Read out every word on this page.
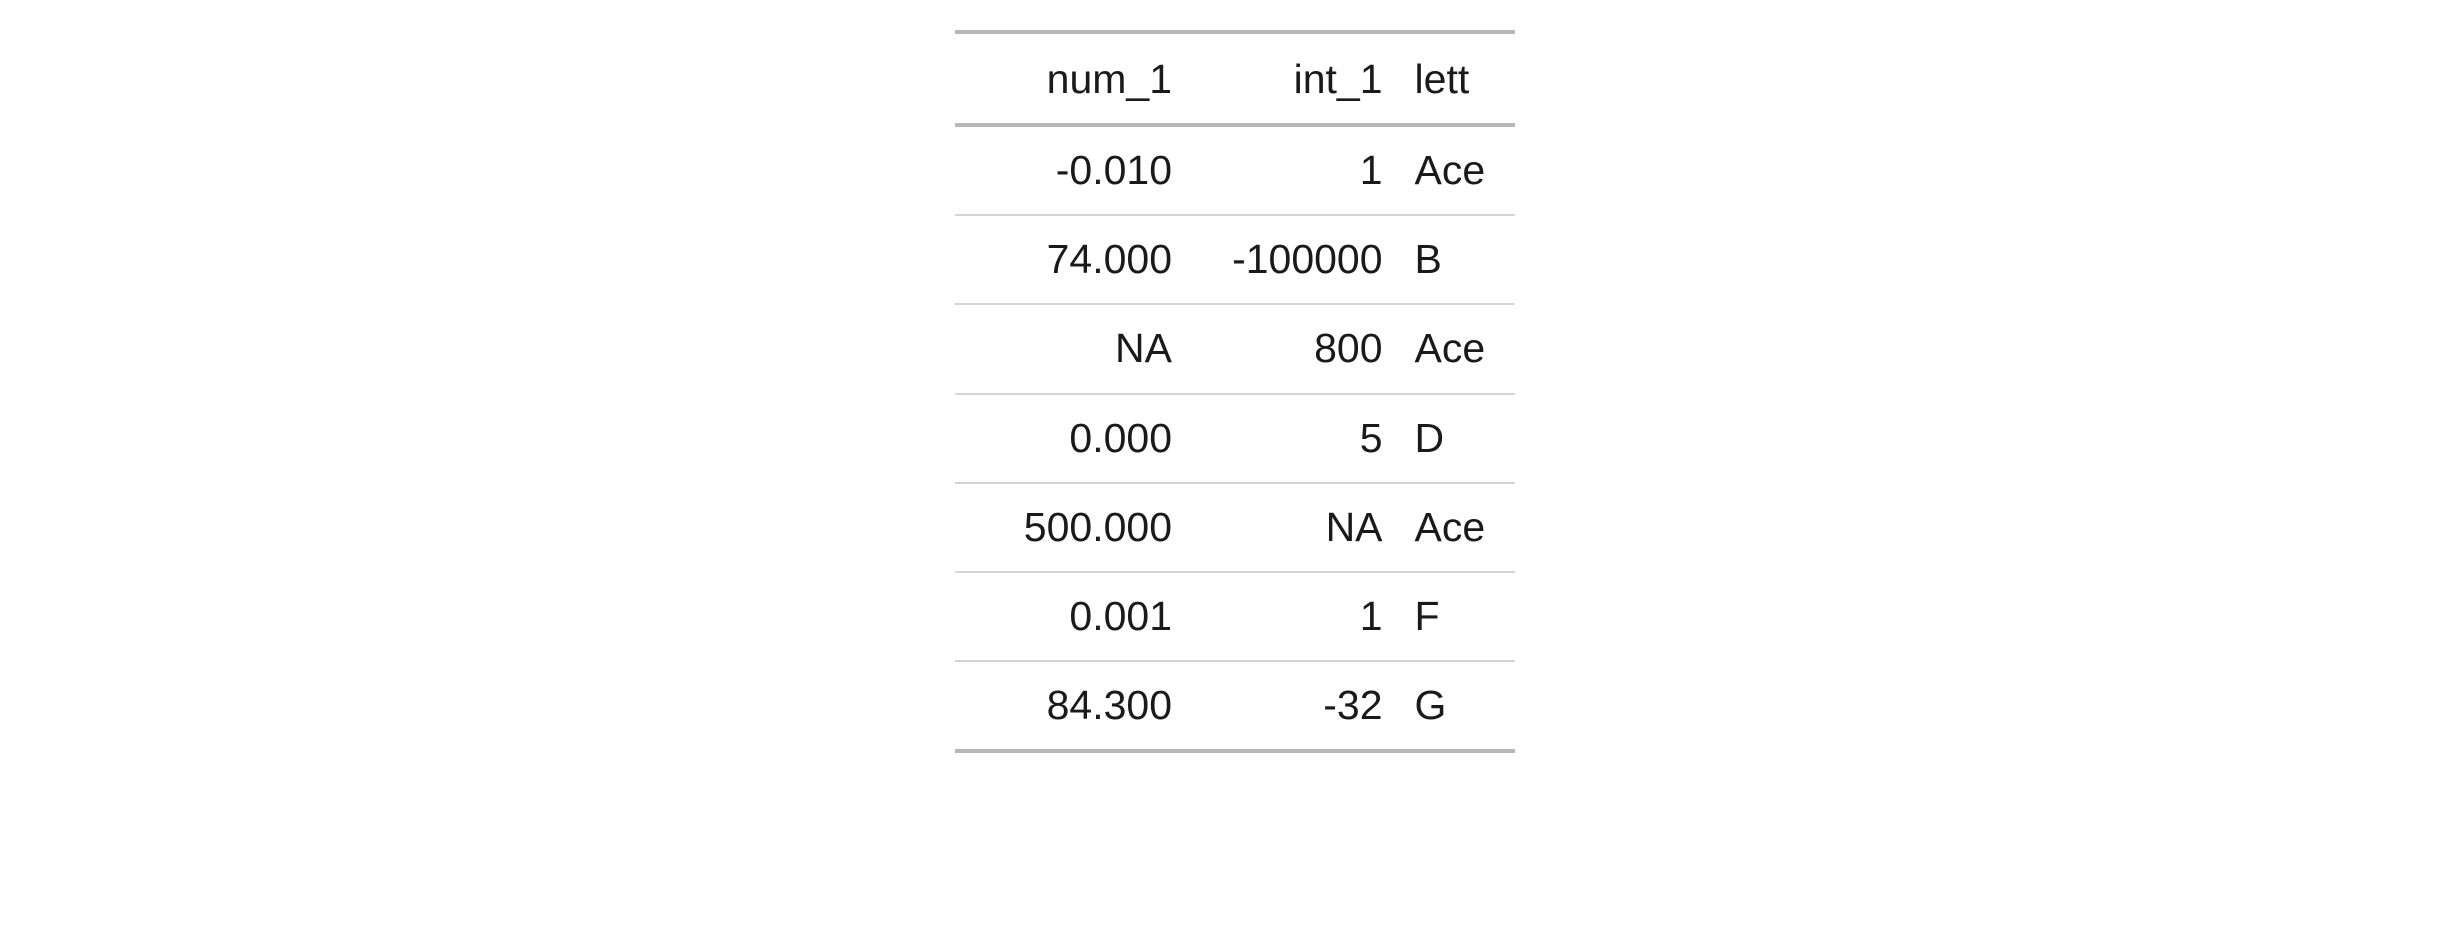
num_1	int_1	lett
-0.010	1	Ace
74.000	-100000	B
NA	800	Ace
0.000	5	D
500.000	NA	Ace
0.001	1	F
84.300	-32	G
